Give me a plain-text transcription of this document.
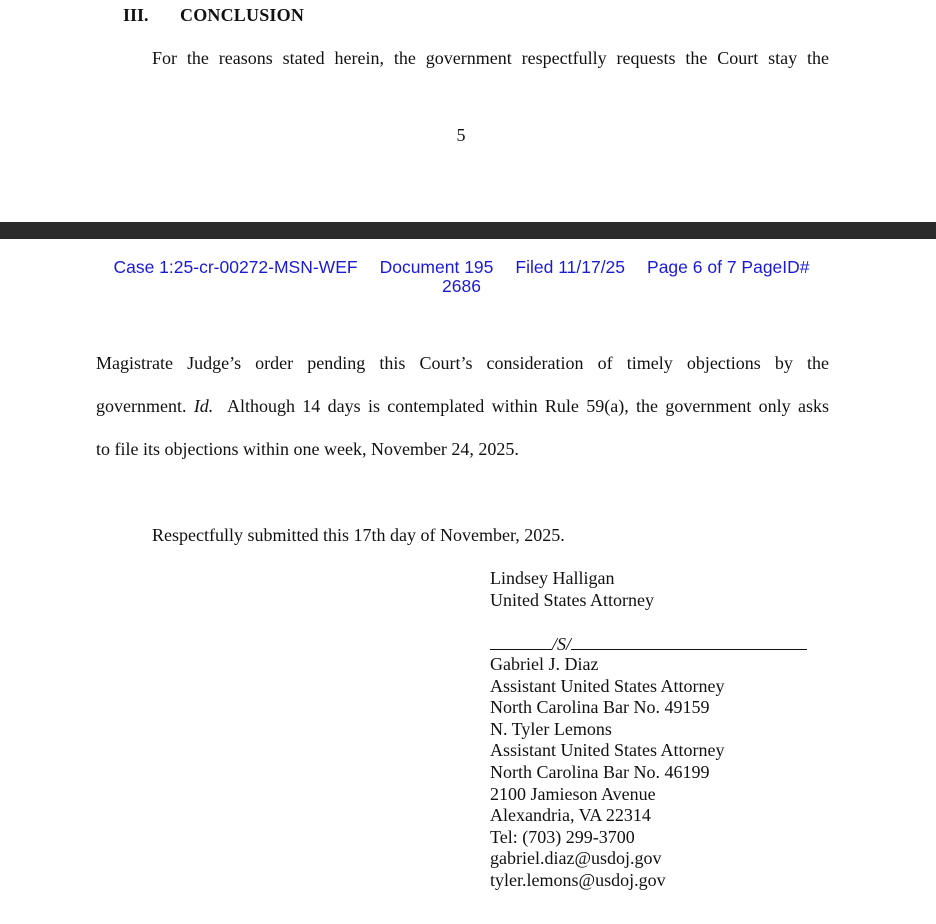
III. CONCLUSION
For the reasons stated herein, the government respectfully requests the Court stay the
5
Case 1:25-cr-00272-MSN-WEF Document 195 Filed 11/17/25 Page 6 of 7 PageID#
2686
Magistrate Judge’s order pending this Court’s consideration of timely objections by the
government. Id.  Although 14 days is contemplated within Rule 59(a), the government only asks
to file its objections within one week, November 24, 2025.
Respectfully submitted this 17th day of November, 2025.
Lindsey Halligan
United States Attorney
/S/
Gabriel J. Diaz
Assistant United States Attorney
North Carolina Bar No. 49159
N. Tyler Lemons
Assistant United States Attorney
North Carolina Bar No. 46199
2100 Jamieson Avenue
Alexandria, VA 22314
Tel: (703) 299-3700
gabriel.diaz@usdoj.gov
tyler.lemons@usdoj.gov
